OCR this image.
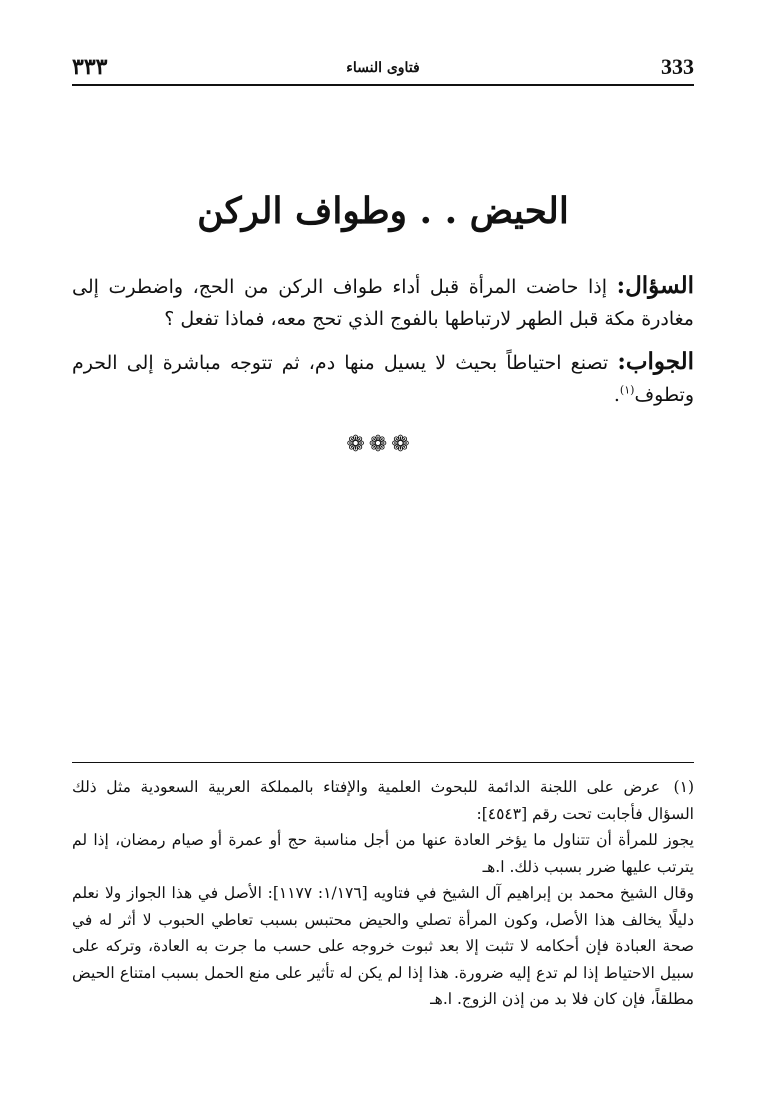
٣٣٣	فتاوى النساء	333
الحيض . . وطواف الركن

السؤال: إذا حاضت المرأة قبل أداء طواف الركن من الحج، واضطرت إلى مغادرة مكة قبل الطهر لارتباطها بالفوج الذي تحج معه، فماذا تفعل ؟

الجواب: تصنع احتياطاً بحيث لا يسيل منها دم، ثم تتوجه مباشرة إلى الحرم وتطوف$^{(١)}$.

❁❁❁

(١)عرض على اللجنة الدائمة للبحوث العلمية والإفتاء بالمملكة العربية السعودية مثل ذلك السؤال فأجابت تحت رقم [٤٥٤٣]:

يجوز للمرأة أن تتناول ما يؤخر العادة عنها من أجل مناسبة حج أو عمرة أو صيام رمضان، إذا لم يترتب عليها ضرر بسبب ذلك. ا.هـ

وقال الشيخ محمد بن إبراهيم آل الشيخ في فتاويه [١/١٧٦: ١١٧٧]: الأصل في هذا الجواز ولا نعلم دليلًا يخالف هذا الأصل، وكون المرأة تصلي والحيض محتبس بسبب تعاطي الحبوب لا أثر له في صحة العبادة فإن أحكامه لا تثبت إلا بعد ثبوت خروجه على حسب ما جرت به العادة، وتركه على سبيل الاحتياط إذا لم تدع إليه ضرورة. هذا إذا لم يكن له تأثير على منع الحمل بسبب امتناع الحيض مطلقاً، فإن كان فلا بد من إذن الزوج. ا.هـ
